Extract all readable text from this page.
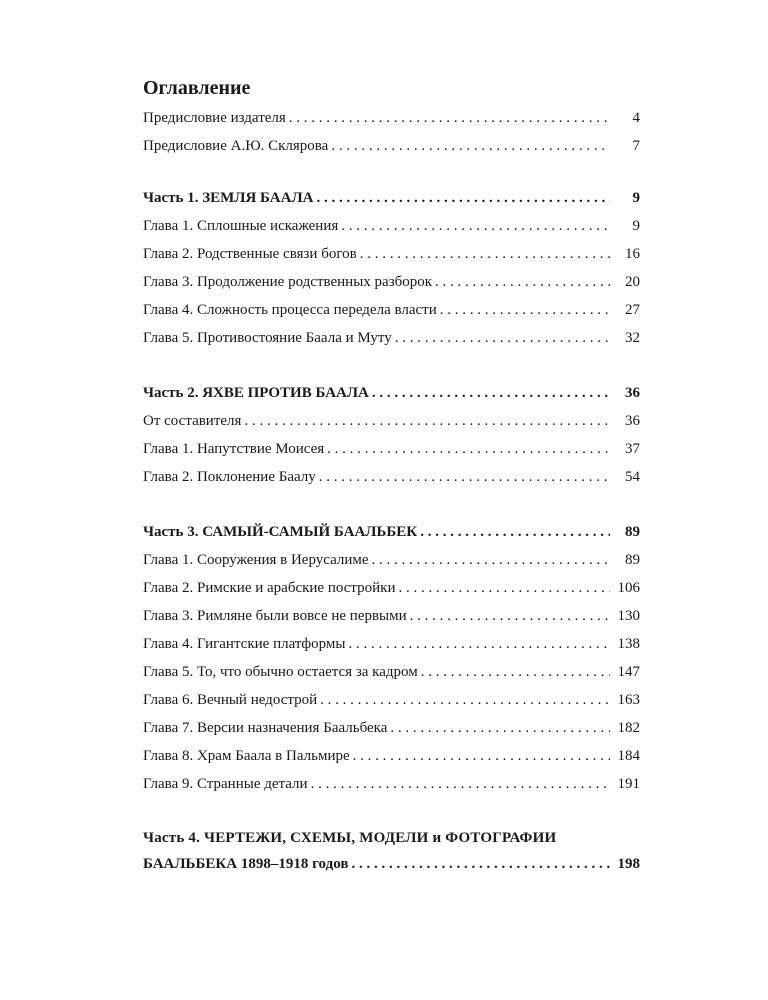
Оглавление
Предисловие издателя . . .	4
Предисловие А.Ю. Склярова . . .	7
Часть 1. ЗЕМЛЯ БААЛА . . .	9
Глава 1. Сплошные искажения . . .	9
Глава 2. Родственные связи богов . . .	16
Глава 3. Продолжение родственных разборок . . .	20
Глава 4. Сложность процесса передела власти . . .	27
Глава 5. Противостояние Баала и Муту . . .	32
Часть 2. ЯХВЕ ПРОТИВ БААЛА . . .	36
От составителя . . .	36
Глава 1. Напутствие Моисея . . .	37
Глава 2. Поклонение Баалу . . .	54
Часть 3. САМЫЙ-САМЫЙ БААЛЬБЕК . . .	89
Глава 1. Сооружения в Иерусалиме . . .	89
Глава 2. Римские и арабские постройки . . .	106
Глава 3. Римляне были вовсе не первыми . . .	130
Глава 4. Гигантские платформы . . .	138
Глава 5. То, что обычно остается за кадром . . .	147
Глава 6. Вечный недострой . . .	163
Глава 7. Версии назначения Баальбека . . .	182
Глава 8. Храм Баала в Пальмире . . .	184
Глава 9. Странные детали . . .	191
Часть 4. ЧЕРТЕЖИ, СХЕМЫ, МОДЕЛИ и ФОТОГРАФИИ
БААЛЬБЕКА 1898–1918 годов . . .	198
